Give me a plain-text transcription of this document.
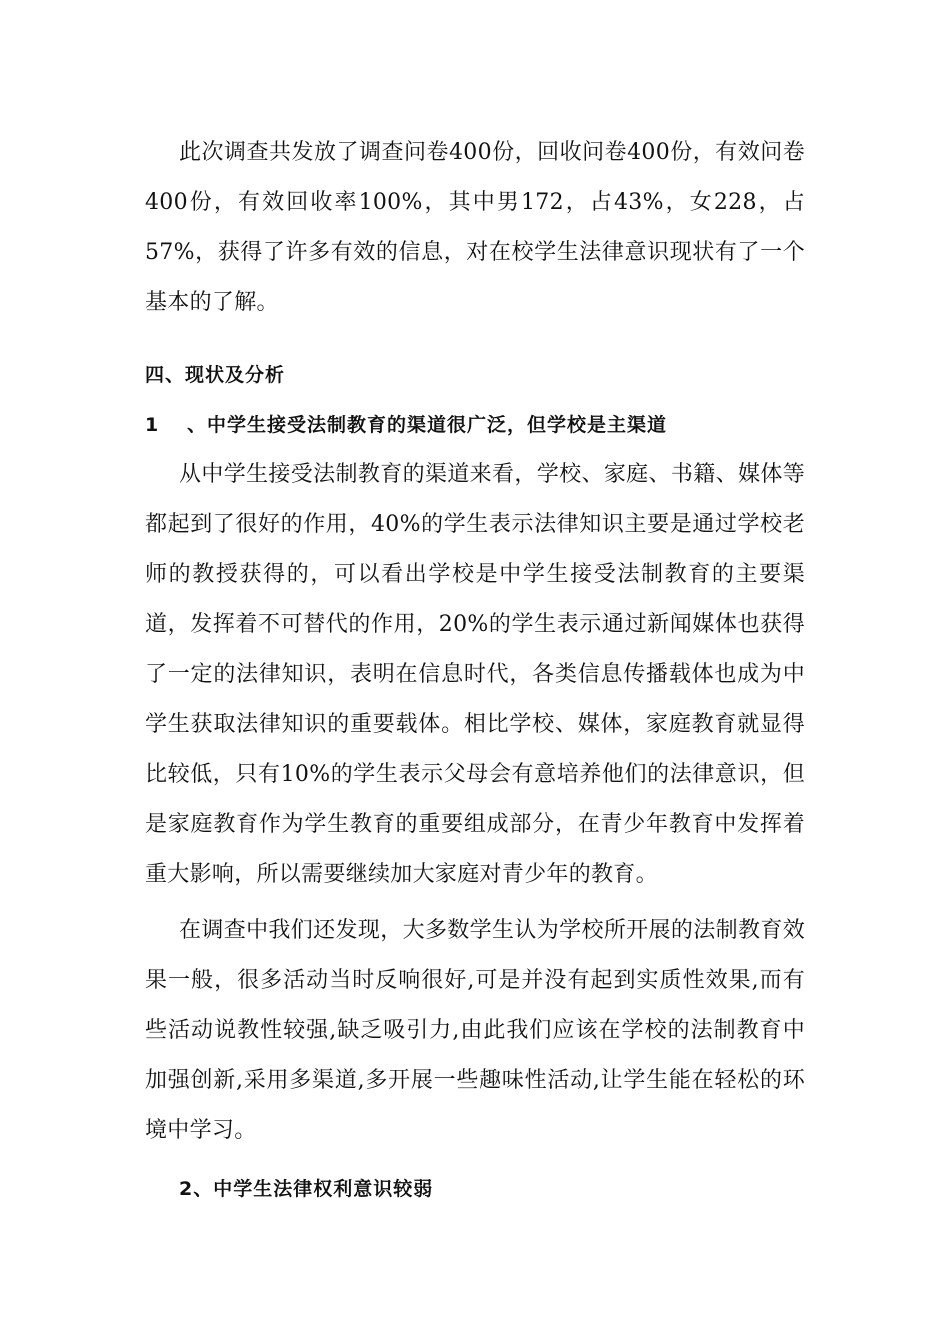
此次调查共发放了调查问卷400份，回收问卷400份，有效问卷400份，有效回收率100%，其中男172，占43%，女228，占57%，获得了许多有效的信息，对在校学生法律意识现状有了一个基本的了解。

四、现状及分析
1 、中学生接受法制教育的渠道很广泛，但学校是主渠道

从中学生接受法制教育的渠道来看，学校、家庭、书籍、媒体等都起到了很好的作用，40%的学生表示法律知识主要是通过学校老师的教授获得的，可以看出学校是中学生接受法制教育的主要渠道，发挥着不可替代的作用，20%的学生表示通过新闻媒体也获得了一定的法律知识，表明在信息时代，各类信息传播载体也成为中学生获取法律知识的重要载体。相比学校、媒体，家庭教育就显得比较低，只有10%的学生表示父母会有意培养他们的法律意识，但是家庭教育作为学生教育的重要组成部分，在青少年教育中发挥着重大影响，所以需要继续加大家庭对青少年的教育。

在调查中我们还发现，大多数学生认为学校所开展的法制教育效果一般，很多活动当时反响很好,可是并没有起到实质性效果,而有些活动说教性较强,缺乏吸引力,由此我们应该在学校的法制教育中加强创新,采用多渠道,多开展一些趣味性活动,让学生能在轻松的环境中学习。

2、中学生法律权利意识较弱
